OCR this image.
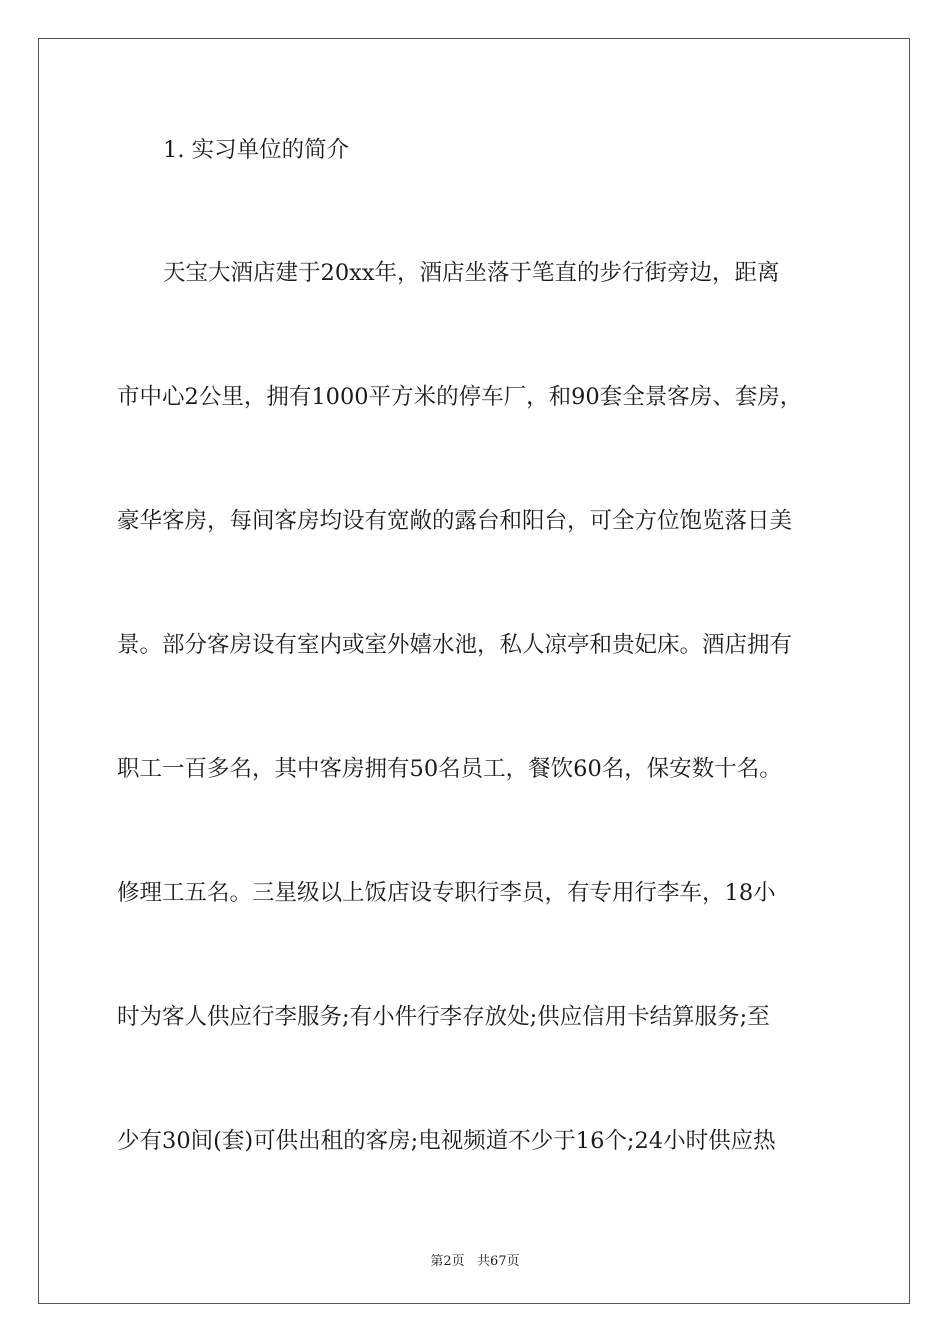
1. 实习单位的简介
天宝大酒店建于20xx年，酒店坐落于笔直的步行街旁边，距离
市中心2公里，拥有1000平方米的停车厂，和90套全景客房、套房，
豪华客房，每间客房均设有宽敞的露台和阳台，可全方位饱览落日美
景。部分客房设有室内或室外嬉水池，私人凉亭和贵妃床。酒店拥有
职工一百多名，其中客房拥有50名员工，餐饮60名，保安数十名。
修理工五名。三星级以上饭店设专职行李员，有专用行李车，18小
时为客人供应行李服务;有小件行李存放处;供应信用卡结算服务;至
少有30间(套)可供出租的客房;电视频道不少于16个;24小时供应热
第2页   共67页
